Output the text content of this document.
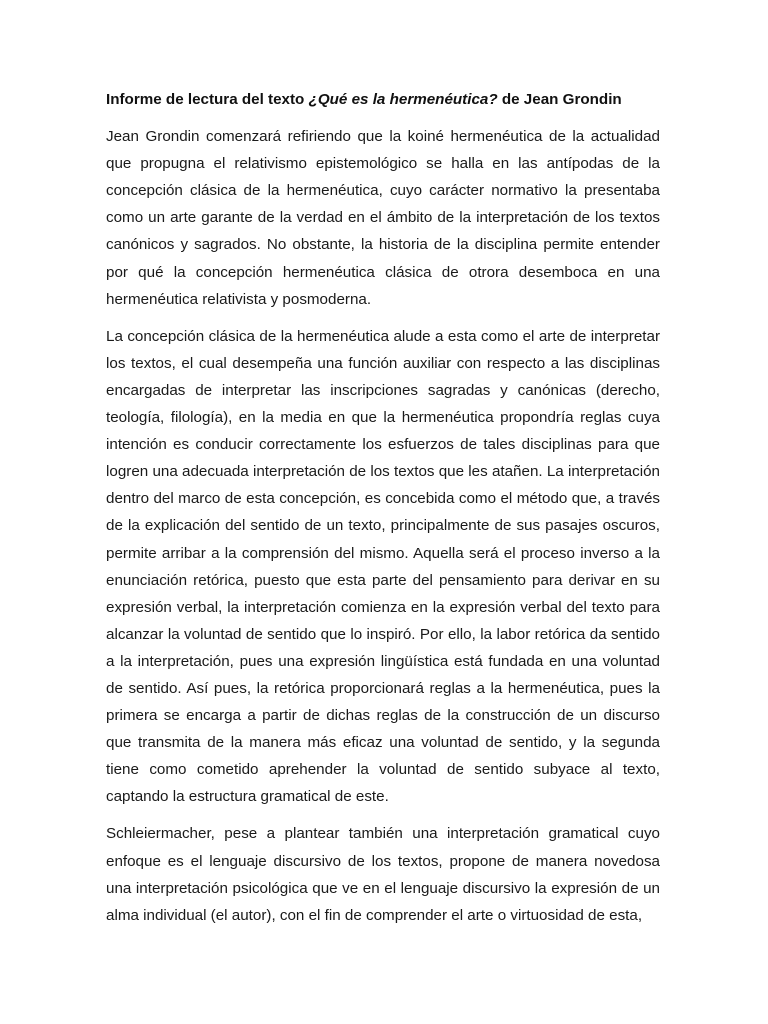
Informe de lectura del texto ¿Qué es la hermenéutica? de Jean Grondin

Jean Grondin comenzará refiriendo que la koiné hermenéutica de la actualidad que propugna el relativismo epistemológico se halla en las antípodas de la concepción clásica de la hermenéutica, cuyo carácter normativo la presentaba como un arte garante de la verdad en el ámbito de la interpretación de los textos canónicos y sagrados. No obstante, la historia de la disciplina permite entender por qué la concepción hermenéutica clásica de otrora desemboca en una hermenéutica relativista y posmoderna.

La concepción clásica de la hermenéutica alude a esta como el arte de interpretar los textos, el cual desempeña una función auxiliar con respecto a las disciplinas encargadas de interpretar las inscripciones sagradas y canónicas (derecho, teología, filología), en la media en que la hermenéutica propondría reglas cuya intención es conducir correctamente los esfuerzos de tales disciplinas para que logren una adecuada interpretación de los textos que les atañen. La interpretación dentro del marco de esta concepción, es concebida como el método que, a través de la explicación del sentido de un texto, principalmente de sus pasajes oscuros, permite arribar a la comprensión del mismo. Aquella será el proceso inverso a la enunciación retórica, puesto que esta parte del pensamiento para derivar en su expresión verbal, la interpretación comienza en la expresión verbal del texto para alcanzar la voluntad de sentido que lo inspiró. Por ello, la labor retórica da sentido a la interpretación, pues una expresión lingüística está fundada en una voluntad de sentido. Así pues, la retórica proporcionará reglas a la hermenéutica, pues la primera se encarga a partir de dichas reglas de la construcción de un discurso que transmita de la manera más eficaz una voluntad de sentido, y la segunda tiene como cometido aprehender la voluntad de sentido subyace al texto, captando la estructura gramatical de este.

Schleiermacher, pese a plantear también una interpretación gramatical cuyo enfoque es el lenguaje discursivo de los textos, propone de manera novedosa una interpretación psicológica que ve en el lenguaje discursivo la expresión de un alma individual (el autor), con el fin de comprender el arte o virtuosidad de esta,
